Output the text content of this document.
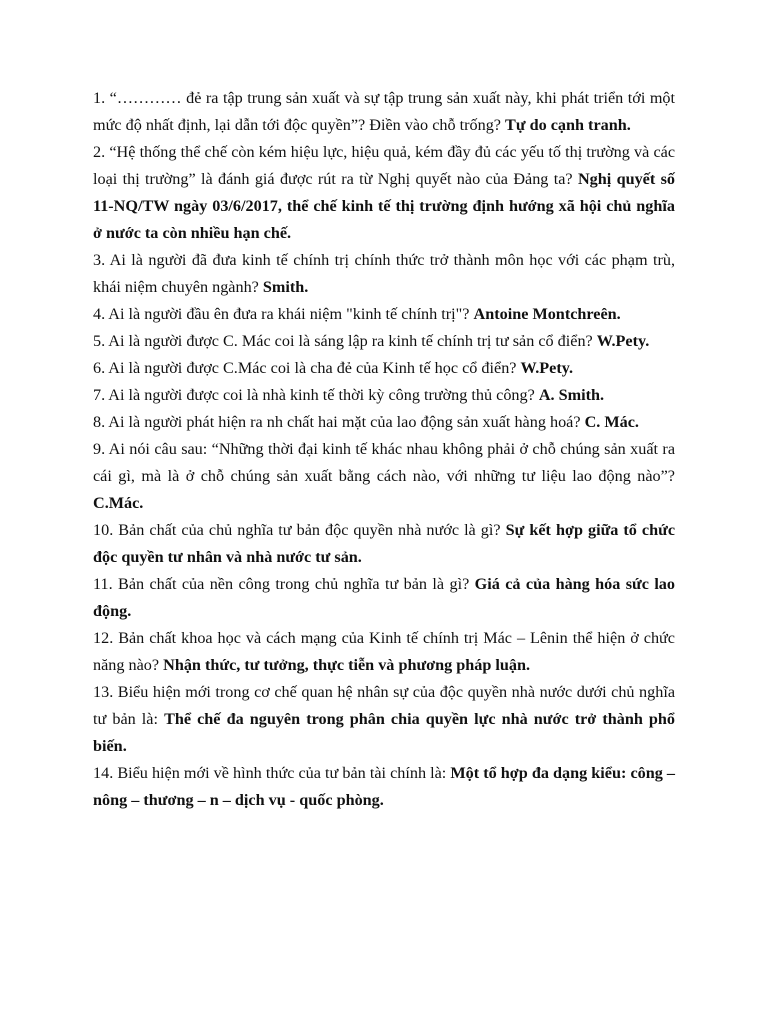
1. “………… đẻ ra tập trung sản xuất và sự tập trung sản xuất này, khi phát triển tới một mức độ nhất định, lại dẫn tới độc quyền”? Điền vào chỗ trống? Tự do cạnh tranh.

2. “Hệ thống thể chế còn kém hiệu lực, hiệu quả, kém đầy đủ các yếu tố thị trường và các loại thị trường” là đánh giá được rút ra từ Nghị quyết nào của Đảng ta? Nghị quyết số 11-NQ/TW ngày 03/6/2017, thể chế kinh tế thị trường định hướng xã hội chủ nghĩa ở nước ta còn nhiều hạn chế.

3. Ai là người đã đưa kinh tế chính trị chính thức trở thành môn học với các phạm trù, khái niệm chuyên ngành? Smith.

4. Ai là người đầu ên đưa ra khái niệm "kinh tế chính trị"? Antoine Montchreên.

5. Ai là người được C. Mác coi là sáng lập ra kinh tế chính trị tư sản cổ điển? W.Pety.

6. Ai là người được C.Mác coi là cha đẻ của Kinh tế học cổ điển? W.Pety.

7. Ai là người được coi là nhà kinh tế thời kỳ công trường thủ công? A. Smith.

8. Ai là người phát hiện ra nh chất hai mặt của lao động sản xuất hàng hoá? C. Mác.

9. Ai nói câu sau: “Những thời đại kinh tế khác nhau không phải ở chỗ chúng sản xuất ra cái gì, mà là ở chỗ chúng sản xuất bằng cách nào, với những tư liệu lao động nào”? C.Mác.

10. Bản chất của chủ nghĩa tư bản độc quyền nhà nước là gì? Sự kết hợp giữa tổ chức độc quyền tư nhân và nhà nước tư sản.

11. Bản chất của nền công trong chủ nghĩa tư bản là gì? Giá cả của hàng hóa sức lao động.

12. Bản chất khoa học và cách mạng của Kinh tế chính trị Mác – Lênin thể hiện ở chức năng nào? Nhận thức, tư tưởng, thực tiễn và phương pháp luận.

13. Biểu hiện mới trong cơ chế quan hệ nhân sự của độc quyền nhà nước dưới chủ nghĩa tư bản là: Thể chế đa nguyên trong phân chia quyền lực nhà nước trở thành phổ biến.

14. Biểu hiện mới về hình thức của tư bản tài chính là: Một tổ hợp đa dạng kiểu: công – nông – thương – n – dịch vụ - quốc phòng.
